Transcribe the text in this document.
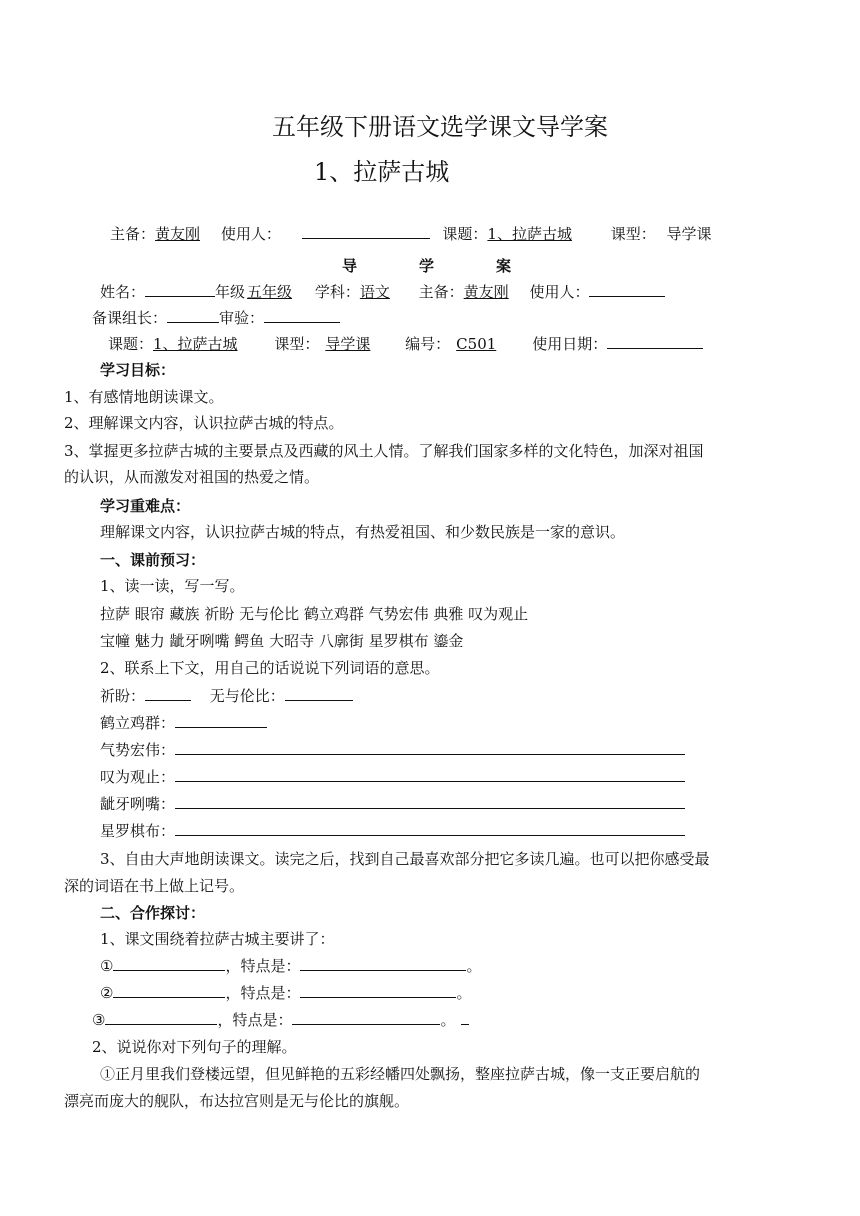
五年级下册语文选学课文导学案
1、拉萨古城
主备：黄友刚 使用人：	课题：1、拉萨古城	课型： 导学课
导	学	案
姓名：	年级 五年级 学科：语文 主备：黄友刚 使用人：
备课组长：	审验：
课题：1、拉萨古城 课型： 导学课 编号： C501 使用日期：
学习目标：
1、有感情地朗读课文。
2、理解课文内容，认识拉萨古城的特点。
3、掌握更多拉萨古城的主要景点及西藏的风土人情。了解我们国家多样的文化特色，加深对祖国
的认识，从而激发对祖国的热爱之情。
学习重难点：
理解课文内容，认识拉萨古城的特点，有热爱祖国、和少数民族是一家的意识。
一、课前预习：
1、读一读，写一写。
拉萨 眼帘 藏族 祈盼 无与伦比 鹤立鸡群 气势宏伟 典雅 叹为观止
宝幢 魅力 龇牙咧嘴 鳄鱼 大昭寺 八廓街 星罗棋布 鎏金
2、联系上下文，用自己的话说说下列词语的意思。
祈盼：	无与伦比：
鹤立鸡群：
气势宏伟：
叹为观止：
龇牙咧嘴：
星罗棋布：
3、自由大声地朗读课文。读完之后，找到自己最喜欢部分把它多读几遍。也可以把你感受最
深的词语在书上做上记号。
二、合作探讨：
1、课文围绕着拉萨古城主要讲了：
①	，特点是：	。
②	，特点是：	。
③	，特点是：	。
2、说说你对下列句子的理解。
①正月里我们登楼远望，但见鲜艳的五彩经幡四处飘扬，整座拉萨古城，像一支正要启航的
漂亮而庞大的舰队，布达拉宫则是无与伦比的旗舰。
